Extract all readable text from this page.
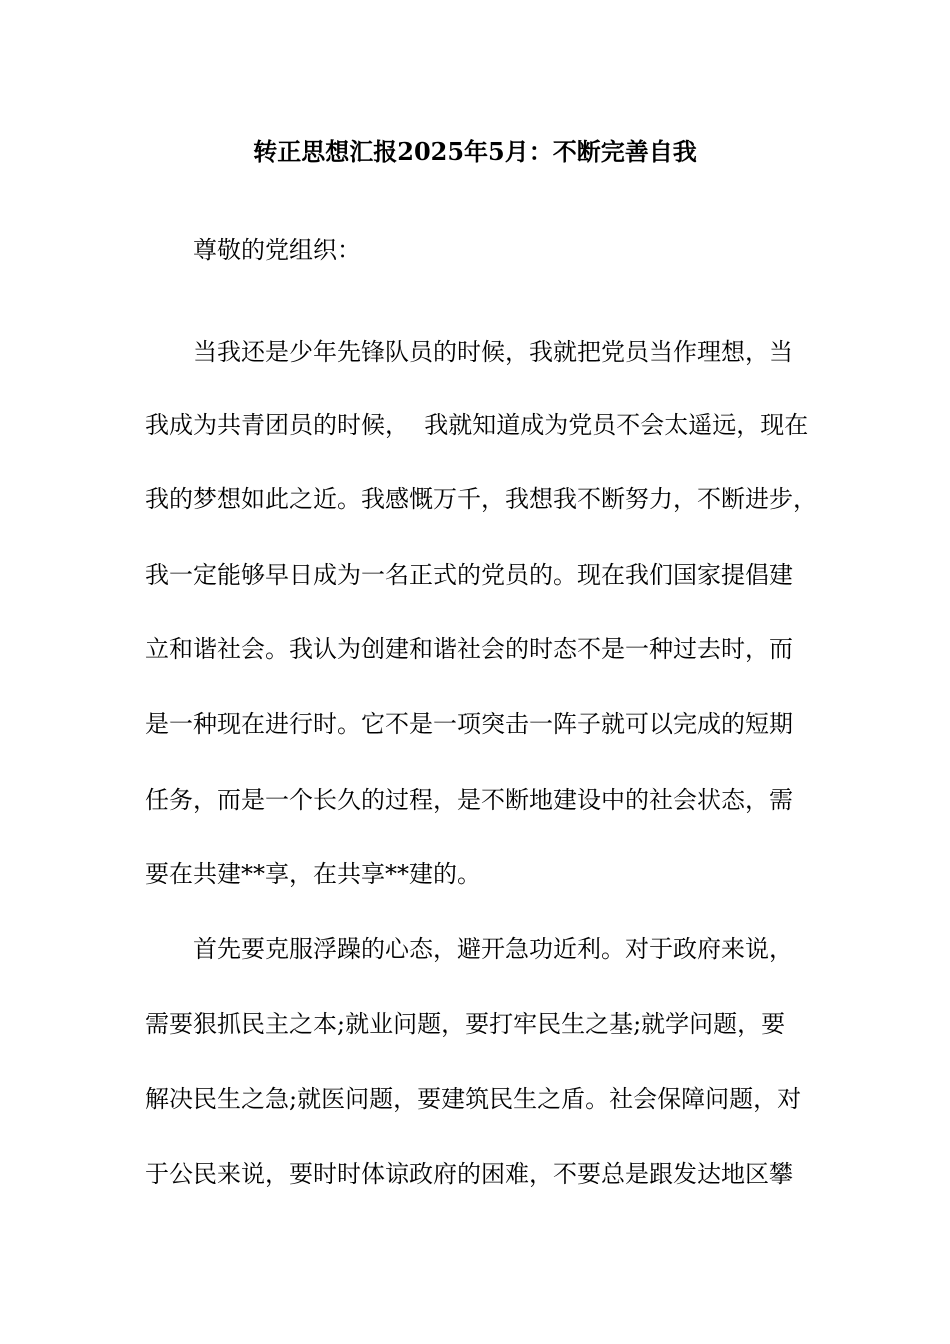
转正思想汇报2025年5月：不断完善自我
尊敬的党组织：
当我还是少年先锋队员的时候，我就把党员当作理想，当
我成为共青团员的时候，  我就知道成为党员不会太遥远，现在
我的梦想如此之近。我感慨万千，我想我不断努力，不断进步，
我一定能够早日成为一名正式的党员的。现在我们国家提倡建
立和谐社会。我认为创建和谐社会的时态不是一种过去时，而
是一种现在进行时。它不是一项突击一阵子就可以完成的短期
任务，而是一个长久的过程，是不断地建设中的社会状态，需
要在共建**享，在共享**建的。
首先要克服浮躁的心态，避开急功近利。对于政府来说，
需要狠抓民主之本;就业问题，要打牢民生之基;就学问题，要
解决民生之急;就医问题，要建筑民生之盾。社会保障问题，对
于公民来说，要时时体谅政府的困难，不要总是跟发达地区攀
